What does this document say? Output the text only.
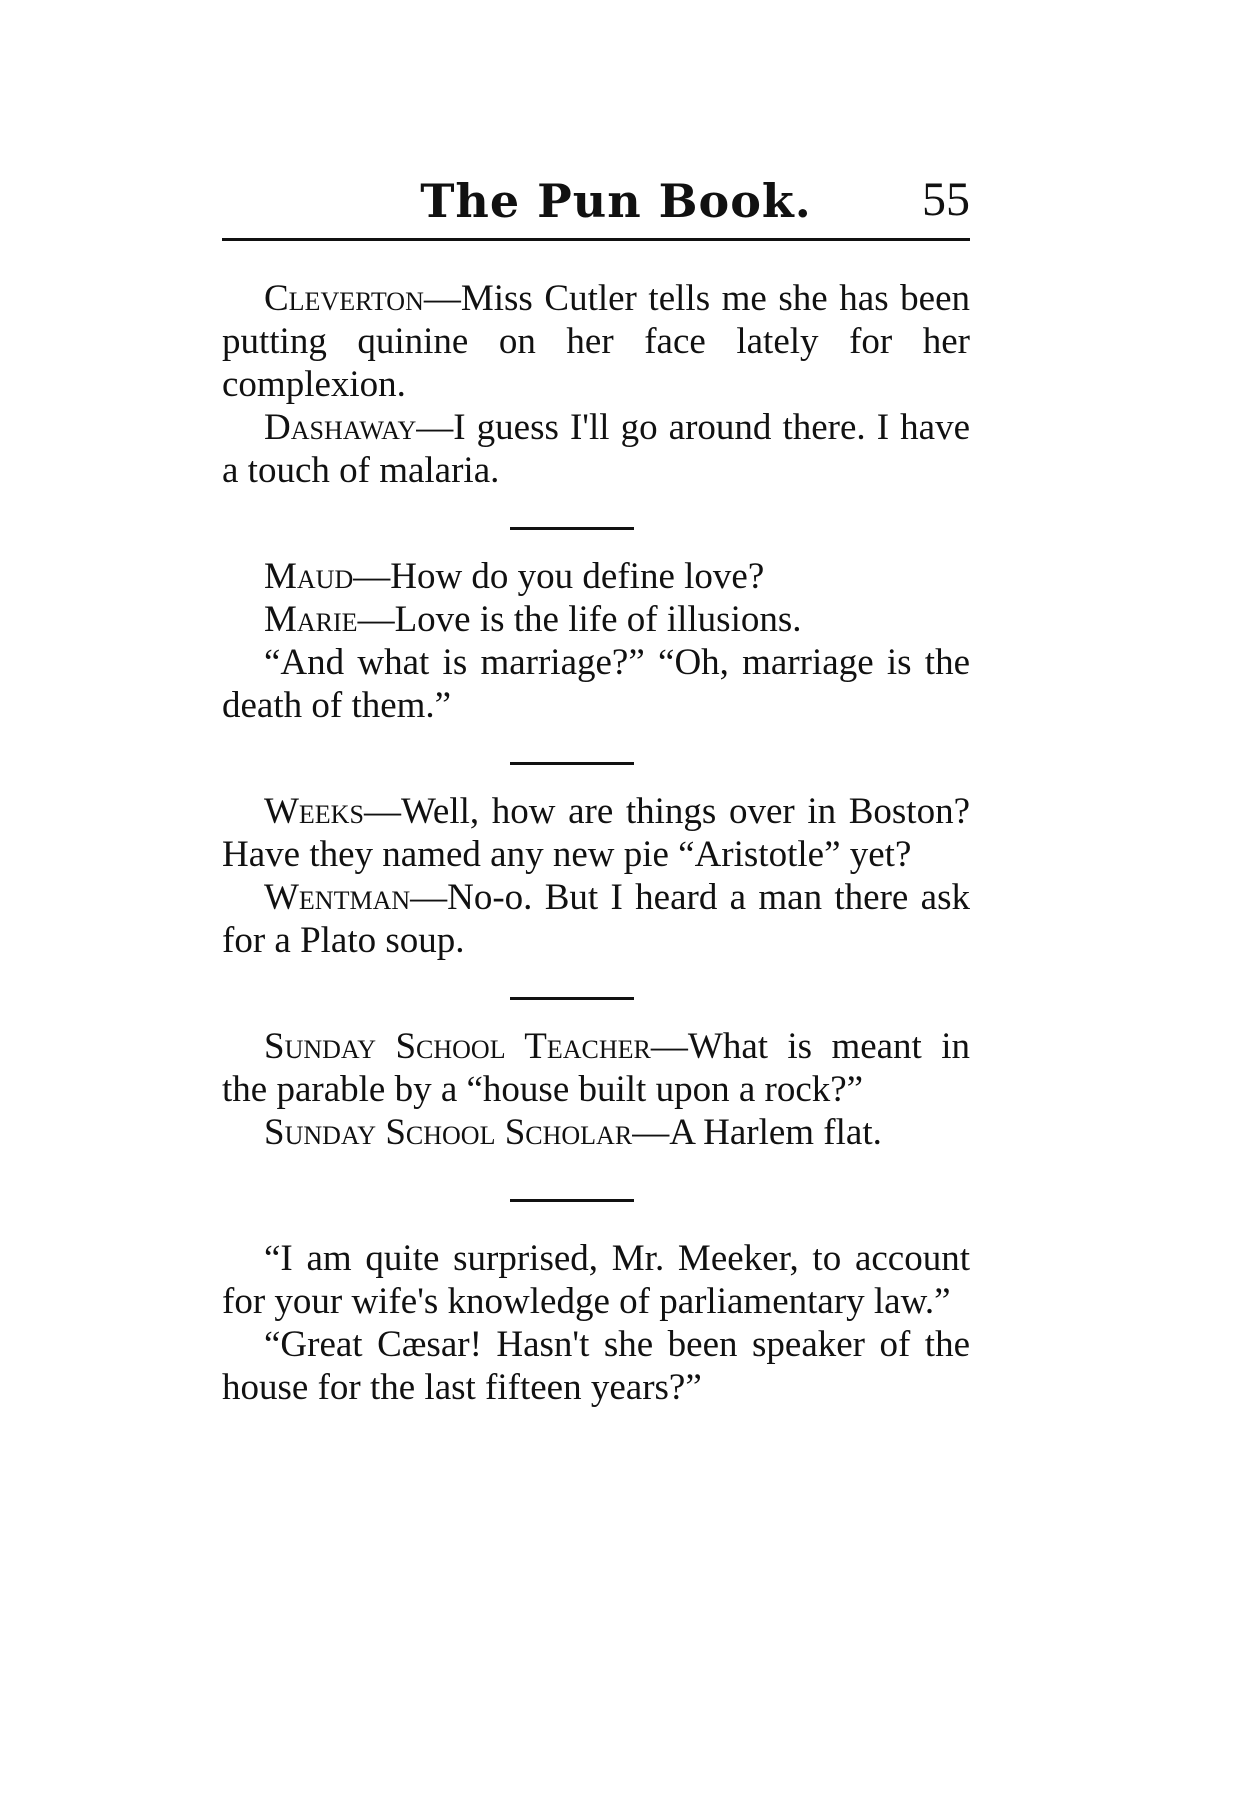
The Pun Book.	55

Cleverton—Miss Cutler tells me she has been putting quinine on her face lately for her complexion.

Dashaway—I guess I'll go around there. I have a touch of malaria.

Maud—How do you define love?

Marie—Love is the life of illusions.

“And what is marriage?” “Oh, marriage is the death of them.”

Weeks—Well, how are things over in Boston? Have they named any new pie “Aristotle” yet?

Wentman—No-o. But I heard a man there ask for a Plato soup.

Sunday School Teacher—What is meant in the parable by a “house built upon a rock?”

Sunday School Scholar—A Harlem flat.

“I am quite surprised, Mr. Meeker, to account for your wife's knowledge of parliamentary law.”

“Great Cæsar! Hasn't she been speaker of the house for the last fifteen years?”
